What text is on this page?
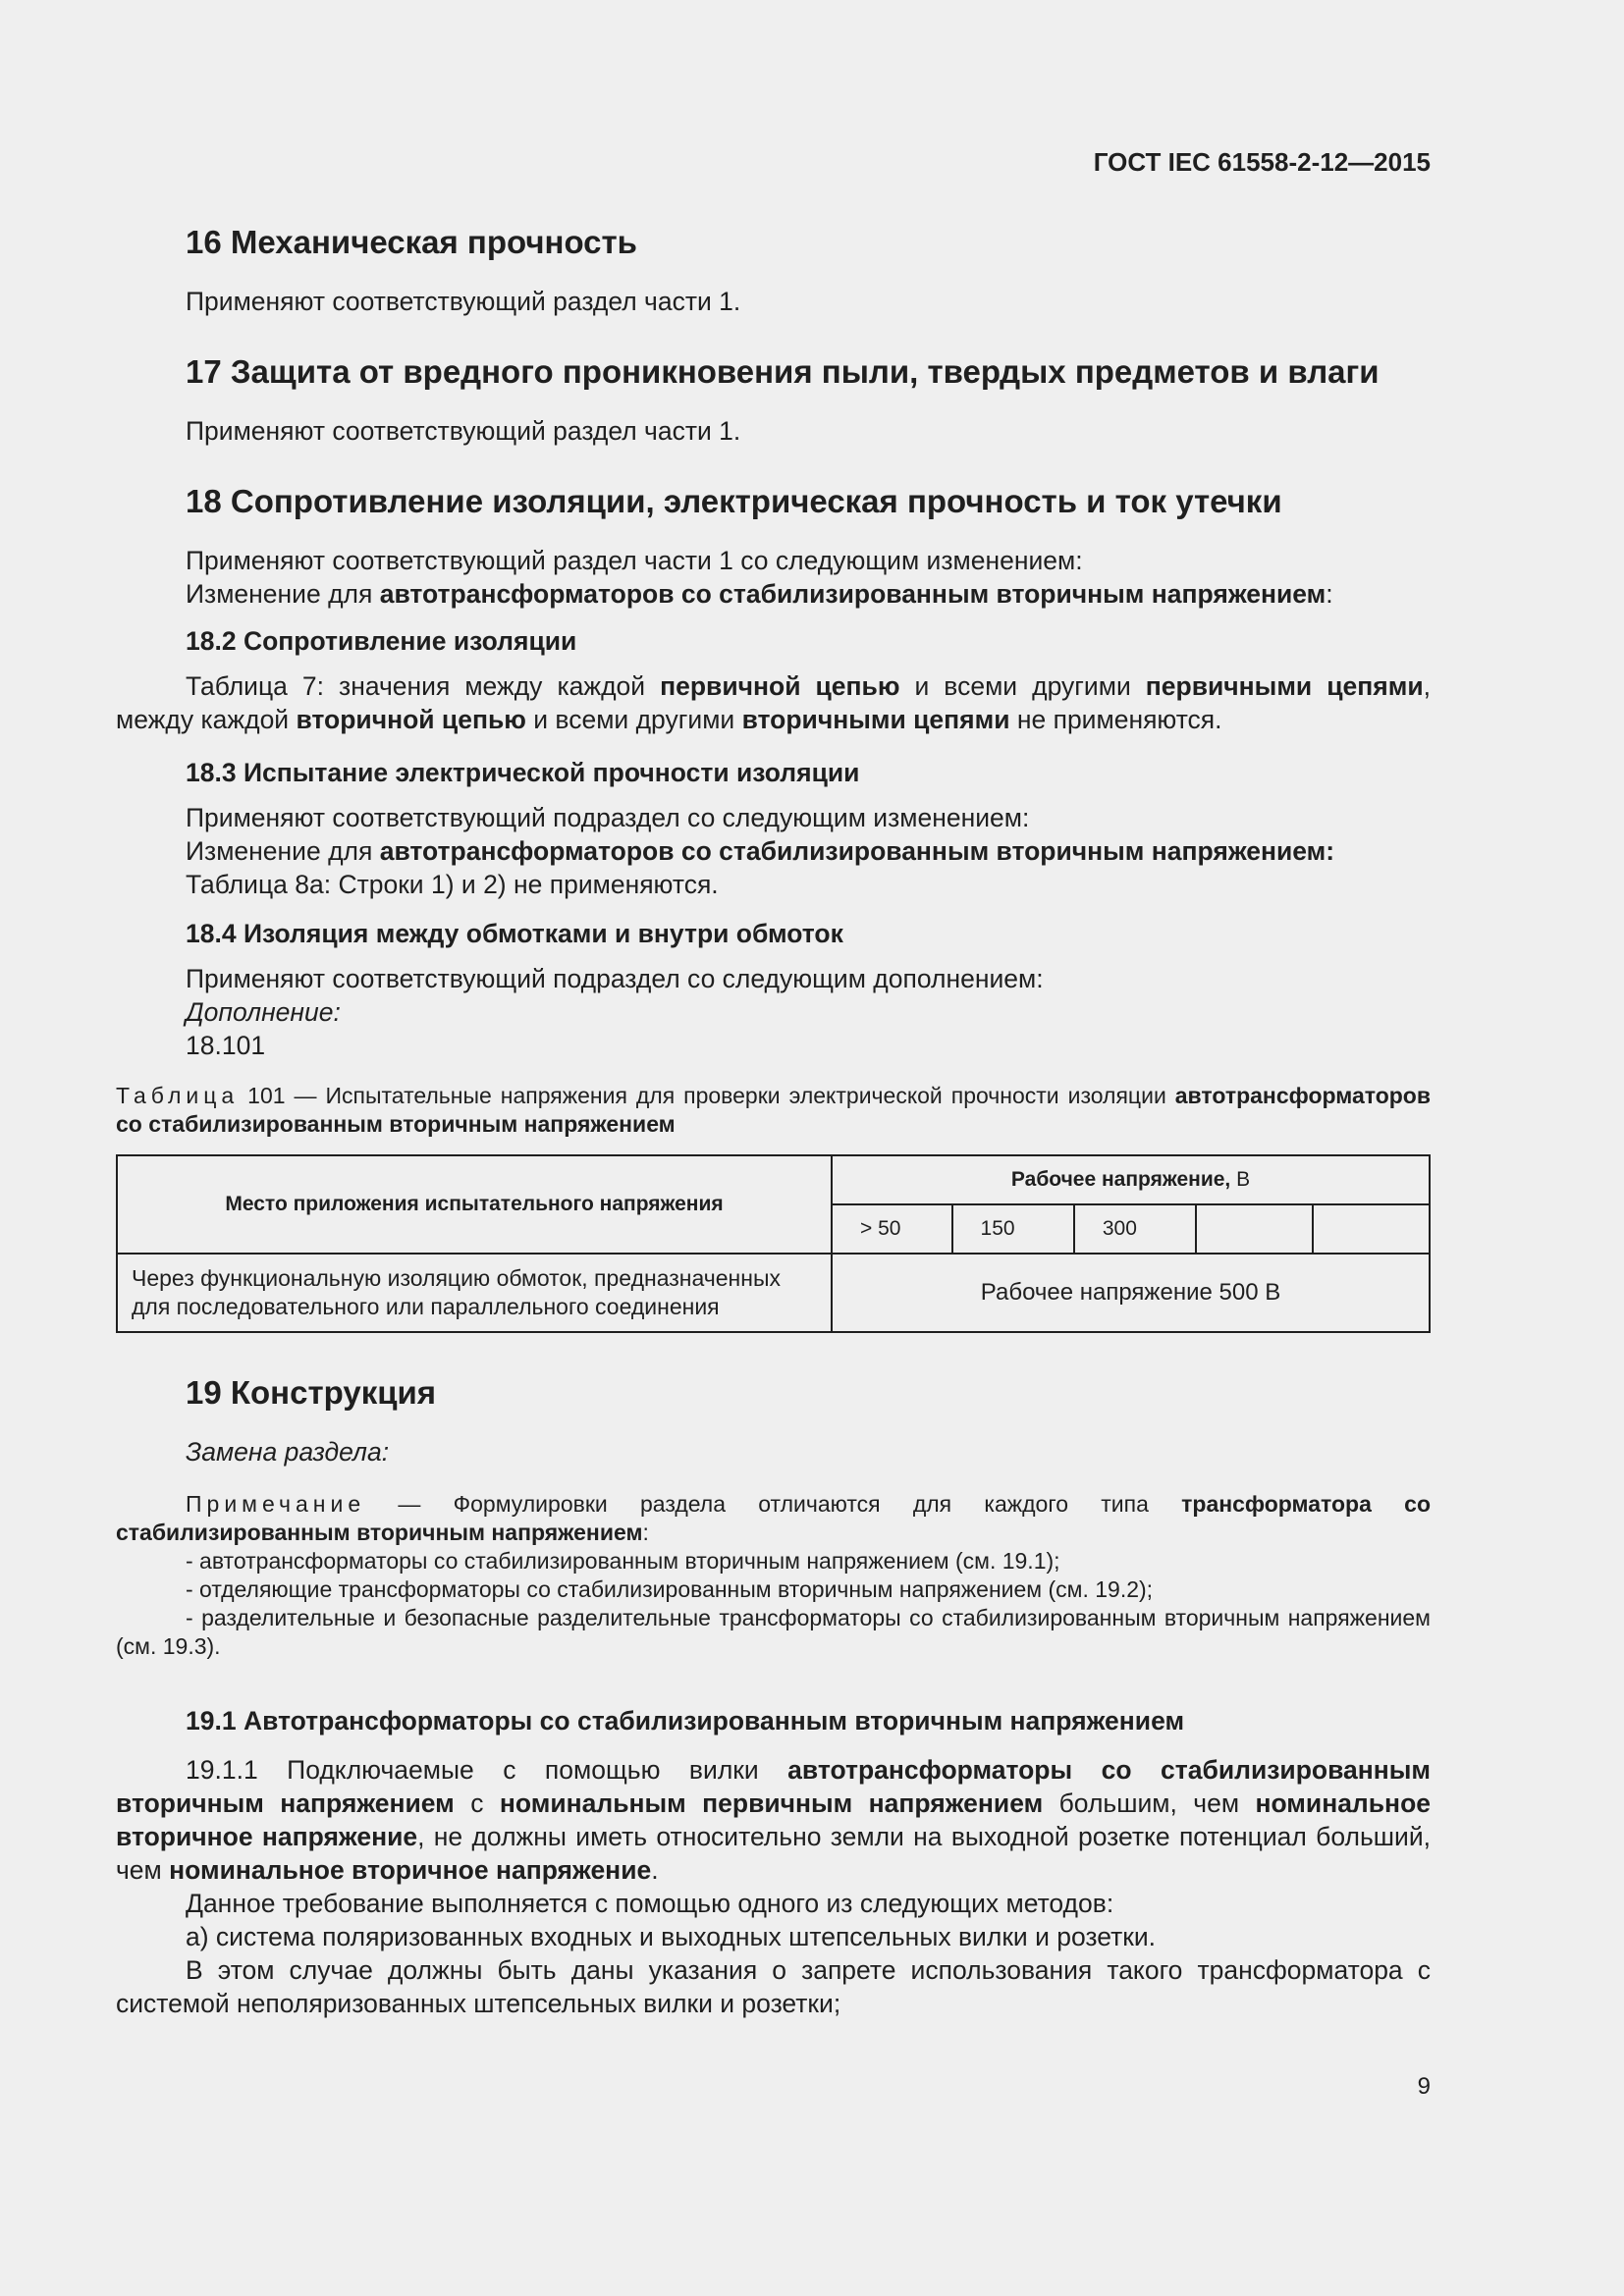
ГОСТ IEC 61558-2-12—2015
16 Механическая прочность

Применяют соответствующий раздел части 1.

17 Защита от вредного проникновения пыли, твердых предметов и влаги

Применяют соответствующий раздел части 1.

18 Сопротивление изоляции, электрическая прочность и ток утечки

Применяют соответствующий раздел части 1 со следующим изменением:

Изменение для автотрансформаторов со стабилизированным вторичным напряжением:

18.2 Сопротивление изоляции

Таблица 7: значения между каждой первичной цепью и всеми другими первичными цепями, между каждой вторичной цепью и всеми другими вторичными цепями не применяются.

18.3 Испытание электрической прочности изоляции

Применяют соответствующий подраздел со следующим изменением:

Изменение для автотрансформаторов со стабилизированным вторичным напряжением:

Таблица 8а: Строки 1) и 2) не применяются.

18.4 Изоляция между обмотками и внутри обмоток

Применяют соответствующий подраздел со следующим дополнением:

Дополнение:

18.101

Таблица 101 — Испытательные напряжения для проверки электрической прочности изоляции автотрансформаторов со стабилизированным вторичным напряжением

Место приложения испытательного напряжения	Рабочее напряжение, В				
	> 50	150	300		
Через функциональную изоляцию обмоток, предназначенных для последовательного или параллельного соединения	Рабочее напряжение 500 В				
19 Конструкция

Замена раздела:

Примечание — Формулировки раздела отличаются для каждого типа трансформатора со стабилизированным вторичным напряжением:

- автотрансформаторы со стабилизированным вторичным напряжением (см. 19.1);

- отделяющие трансформаторы со стабилизированным вторичным напряжением (см. 19.2);

- разделительные и безопасные разделительные трансформаторы со стабилизированным вторичным напряжением (см. 19.3).

19.1 Автотрансформаторы со стабилизированным вторичным напряжением

19.1.1 Подключаемые с помощью вилки автотрансформаторы со стабилизированным вторичным напряжением с номинальным первичным напряжением большим, чем номинальное вторичное напряжение, не должны иметь относительно земли на выходной розетке потенциал больший, чем номинальное вторичное напряжение.

Данное требование выполняется с помощью одного из следующих методов:

а) система поляризованных входных и выходных штепсельных вилки и розетки.

В этом случае должны быть даны указания о запрете использования такого трансформатора с системой неполяризованных штепсельных вилки и розетки;

9
